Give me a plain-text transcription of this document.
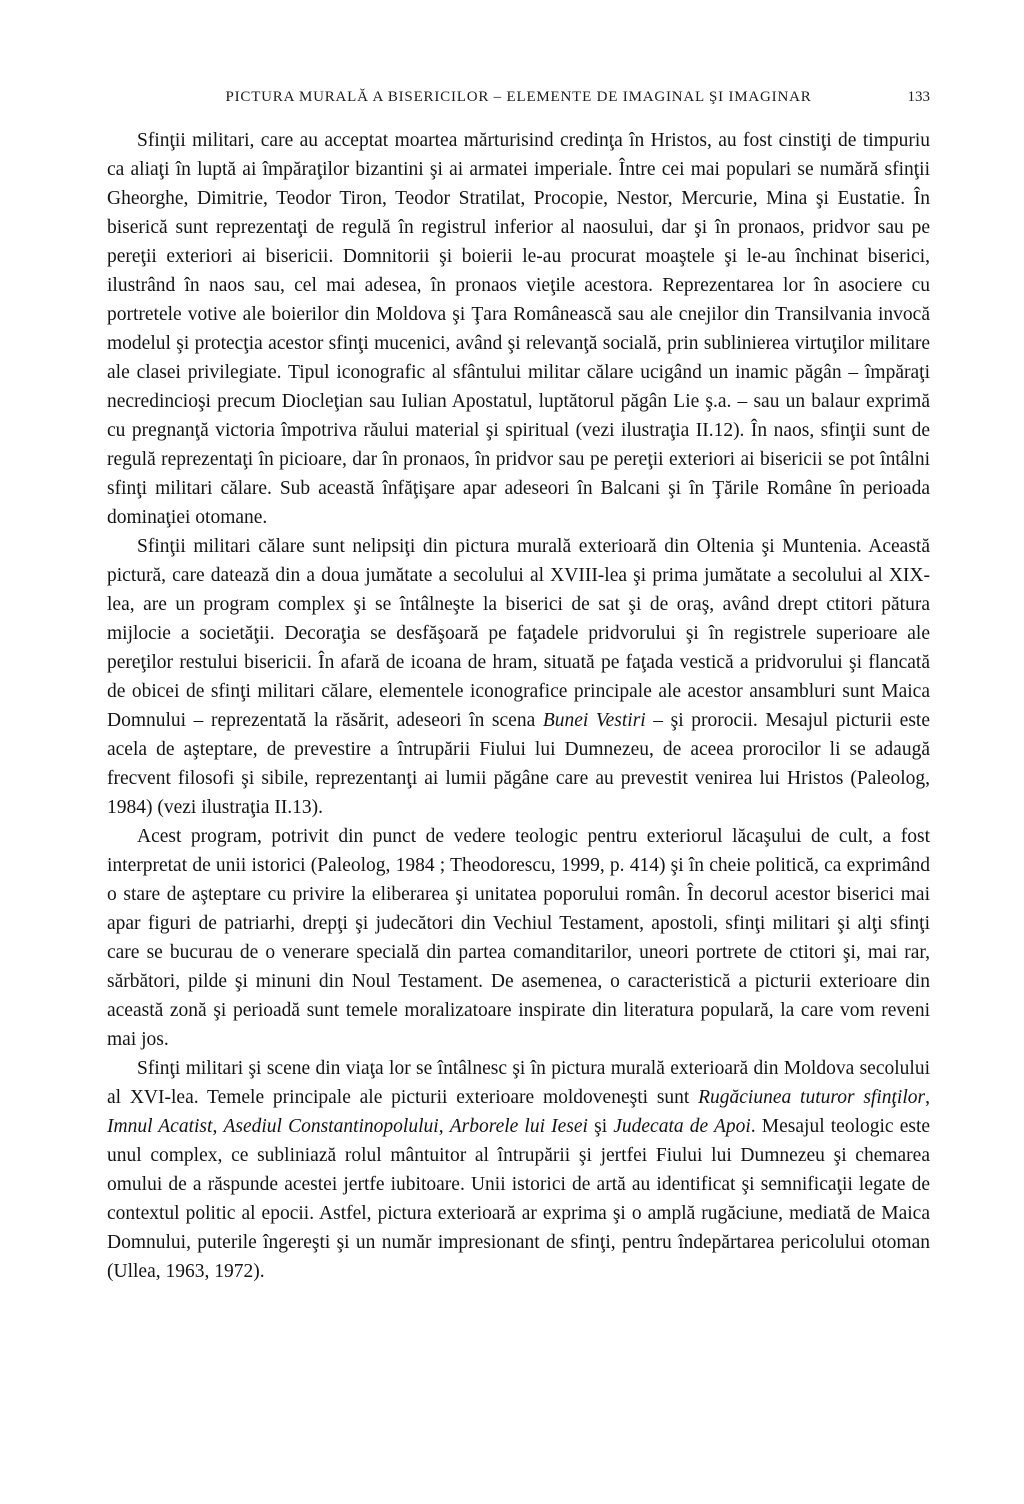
PICTURA MURALĂ A BISERICILOR – ELEMENTE DE IMAGINAL ŞI IMAGINAR	133

Sfinţii militari, care au acceptat moartea mărturisind credinţa în Hristos, au fost cinstiţi de timpuriu ca aliaţi în luptă ai împăraţilor bizantini şi ai armatei imperiale. Între cei mai populari se numără sfinţii Gheorghe, Dimitrie, Teodor Tiron, Teodor Stratilat, Procopie, Nestor, Mercurie, Mina şi Eustatie. În biserică sunt reprezentaţi de regulă în registrul inferior al naosului, dar şi în pronaos, pridvor sau pe pereţii exteriori ai bisericii. Domnitorii şi boierii le-au procurat moaştele şi le-au închinat biserici, ilustrând în naos sau, cel mai adesea, în pronaos vieţile acestora. Reprezentarea lor în asociere cu portretele votive ale boierilor din Moldova şi Ţara Românească sau ale cnejilor din Transilvania invocă modelul şi protecţia acestor sfinţi mucenici, având şi relevanţă socială, prin sublinierea virtuţilor militare ale clasei privilegiate. Tipul iconografic al sfântului militar călare ucigând un inamic păgân – împăraţi necredincioşi precum Diocleţian sau Iulian Apostatul, luptătorul păgân Lie ş.a. – sau un balaur exprimă cu pregnanţă victoria împotriva răului material şi spiritual (vezi ilustraţia II.12). În naos, sfinţii sunt de regulă reprezentaţi în picioare, dar în pronaos, în pridvor sau pe pereţii exteriori ai bisericii se pot întâlni sfinţi militari călare. Sub această înfăţişare apar adeseori în Balcani şi în Ţările Române în perioada dominaţiei otomane.

Sfinţii militari călare sunt nelipsiţi din pictura murală exterioară din Oltenia şi Muntenia. Această pictură, care datează din a doua jumătate a secolului al XVIII-lea şi prima jumătate a secolului al XIX-lea, are un program complex şi se întâlneşte la biserici de sat şi de oraş, având drept ctitori pătura mijlocie a societăţii. Decoraţia se desfăşoară pe faţadele pridvorului şi în registrele superioare ale pereţilor restului bisericii. În afară de icoana de hram, situată pe faţada vestică a pridvorului şi flancată de obicei de sfinţi militari călare, elementele iconografice principale ale acestor ansambluri sunt Maica Domnului – reprezentată la răsărit, adeseori în scena Bunei Vestiri – şi prorocii. Mesajul picturii este acela de aşteptare, de prevestire a întrupării Fiului lui Dumnezeu, de aceea prorocilor li se adaugă frecvent filosofi şi sibile, reprezentanţi ai lumii păgâne care au prevestit venirea lui Hristos (Paleolog, 1984) (vezi ilustraţia II.13).

Acest program, potrivit din punct de vedere teologic pentru exteriorul lăcaşului de cult, a fost interpretat de unii istorici (Paleolog, 1984 ; Theodorescu, 1999, p. 414) şi în cheie politică, ca exprimând o stare de aşteptare cu privire la eliberarea şi unitatea poporului român. În decorul acestor biserici mai apar figuri de patriarhi, drepţi şi judecători din Vechiul Testament, apostoli, sfinţi militari şi alţi sfinţi care se bucurau de o venerare specială din partea comanditarilor, uneori portrete de ctitori şi, mai rar, sărbători, pilde şi minuni din Noul Testament. De asemenea, o caracteristică a picturii exterioare din această zonă şi perioadă sunt temele moralizatoare inspirate din literatura populară, la care vom reveni mai jos.

Sfinţi militari şi scene din viaţa lor se întâlnesc şi în pictura murală exterioară din Moldova secolului al XVI-lea. Temele principale ale picturii exterioare moldoveneşti sunt Rugăciunea tuturor sfinţilor, Imnul Acatist, Asediul Constantinopolului, Arborele lui Iesei şi Judecata de Apoi. Mesajul teologic este unul complex, ce subliniază rolul mântuitor al întrupării şi jertfei Fiului lui Dumnezeu şi chemarea omului de a răspunde acestei jertfe iubitoare. Unii istorici de artă au identificat şi semnificaţii legate de contextul politic al epocii. Astfel, pictura exterioară ar exprima şi o amplă rugăciune, mediată de Maica Domnului, puterile îngereşti şi un număr impresionant de sfinţi, pentru îndepărtarea pericolului otoman (Ullea, 1963, 1972).
